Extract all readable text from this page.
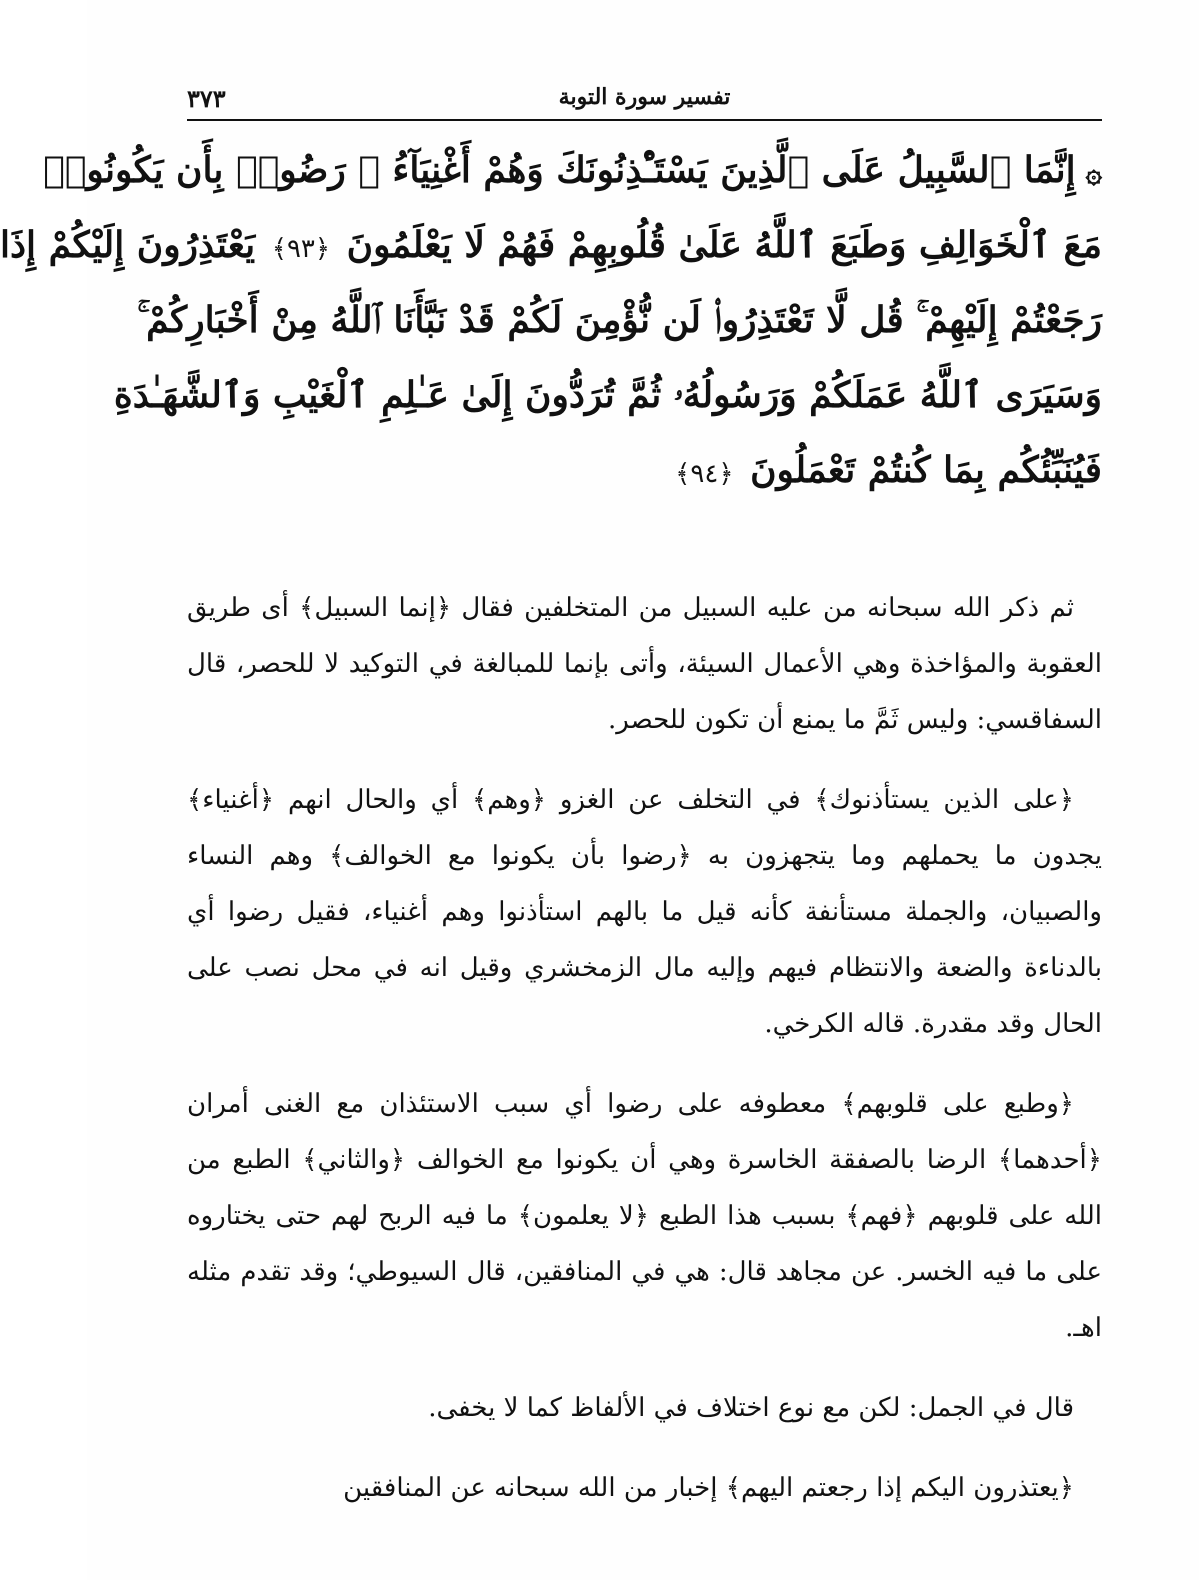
تفسير سورة التوبة
٣٧٣
۞إِنَّمَا ٱلسَّبِيلُ عَلَى ٱلَّذِينَ يَسْتَـْٔذِنُونَكَ وَهُمْ أَغْنِيَآءُ ۚ رَضُوا۟ بِأَن يَكُونُوا۟
مَعَ ٱلْخَوَالِفِ وَطَبَعَ ٱللَّهُ عَلَىٰ قُلُوبِهِمْ فَهُمْ لَا يَعْلَمُونَ ﴿٩٣﴾ يَعْتَذِرُونَ إِلَيْكُمْ إِذَا
رَجَعْتُمْ إِلَيْهِمْ ۚ قُل لَّا تَعْتَذِرُوا۟ لَن نُّؤْمِنَ لَكُمْ قَدْ نَبَّأَنَا ٱللَّهُ مِنْ أَخْبَارِكُمْ ۚ
وَسَيَرَى ٱللَّهُ عَمَلَكُمْ وَرَسُولُهُۥ ثُمَّ تُرَدُّونَ إِلَىٰ عَـٰلِمِ ٱلْغَيْبِ وَٱلشَّهَـٰدَةِ
فَيُنَبِّئُكُم بِمَا كُنتُمْ تَعْمَلُونَ ﴿٩٤﴾

ثم ذكر الله سبحانه من عليه السبيل من المتخلفين فقال ﴿إنما السبيل﴾ أى طريق العقوبة والمؤاخذة وهي الأعمال السيئة، وأتى بإنما للمبالغة في التوكيد لا للحصر، قال السفاقسي: وليس ثَمَّ ما يمنع أن تكون للحصر.

﴿على الذين يستأذنوك﴾ في التخلف عن الغزو ﴿وهم﴾ أي والحال انهم ﴿أغنياء﴾ يجدون ما يحملهم وما يتجهزون به ﴿رضوا بأن يكونوا مع الخوالف﴾ وهم النساء والصبيان، والجملة مستأنفة كأنه قيل ما بالهم استأذنوا وهم أغنياء، فقيل رضوا أي بالدناءة والضعة والانتظام فيهم وإليه مال الزمخشري وقيل انه في محل نصب على الحال وقد مقدرة. قاله الكرخي.

﴿وطبع على قلوبهم﴾ معطوفه على رضوا أي سبب الاستئذان مع الغنى أمران ﴿أحدهما﴾ الرضا بالصفقة الخاسرة وهي أن يكونوا مع الخوالف ﴿والثاني﴾ الطبع من الله على قلوبهم ﴿فهم﴾ بسبب هذا الطبع ﴿لا يعلمون﴾ ما فيه الربح لهم حتى يختاروه على ما فيه الخسر. عن مجاهد قال: هي في المنافقين، قال السيوطي؛ وقد تقدم مثله اهـ.

قال في الجمل: لكن مع نوع اختلاف في الألفاظ كما لا يخفى.

﴿يعتذرون اليكم إذا رجعتم اليهم﴾ إخبار من الله سبحانه عن المنافقين
